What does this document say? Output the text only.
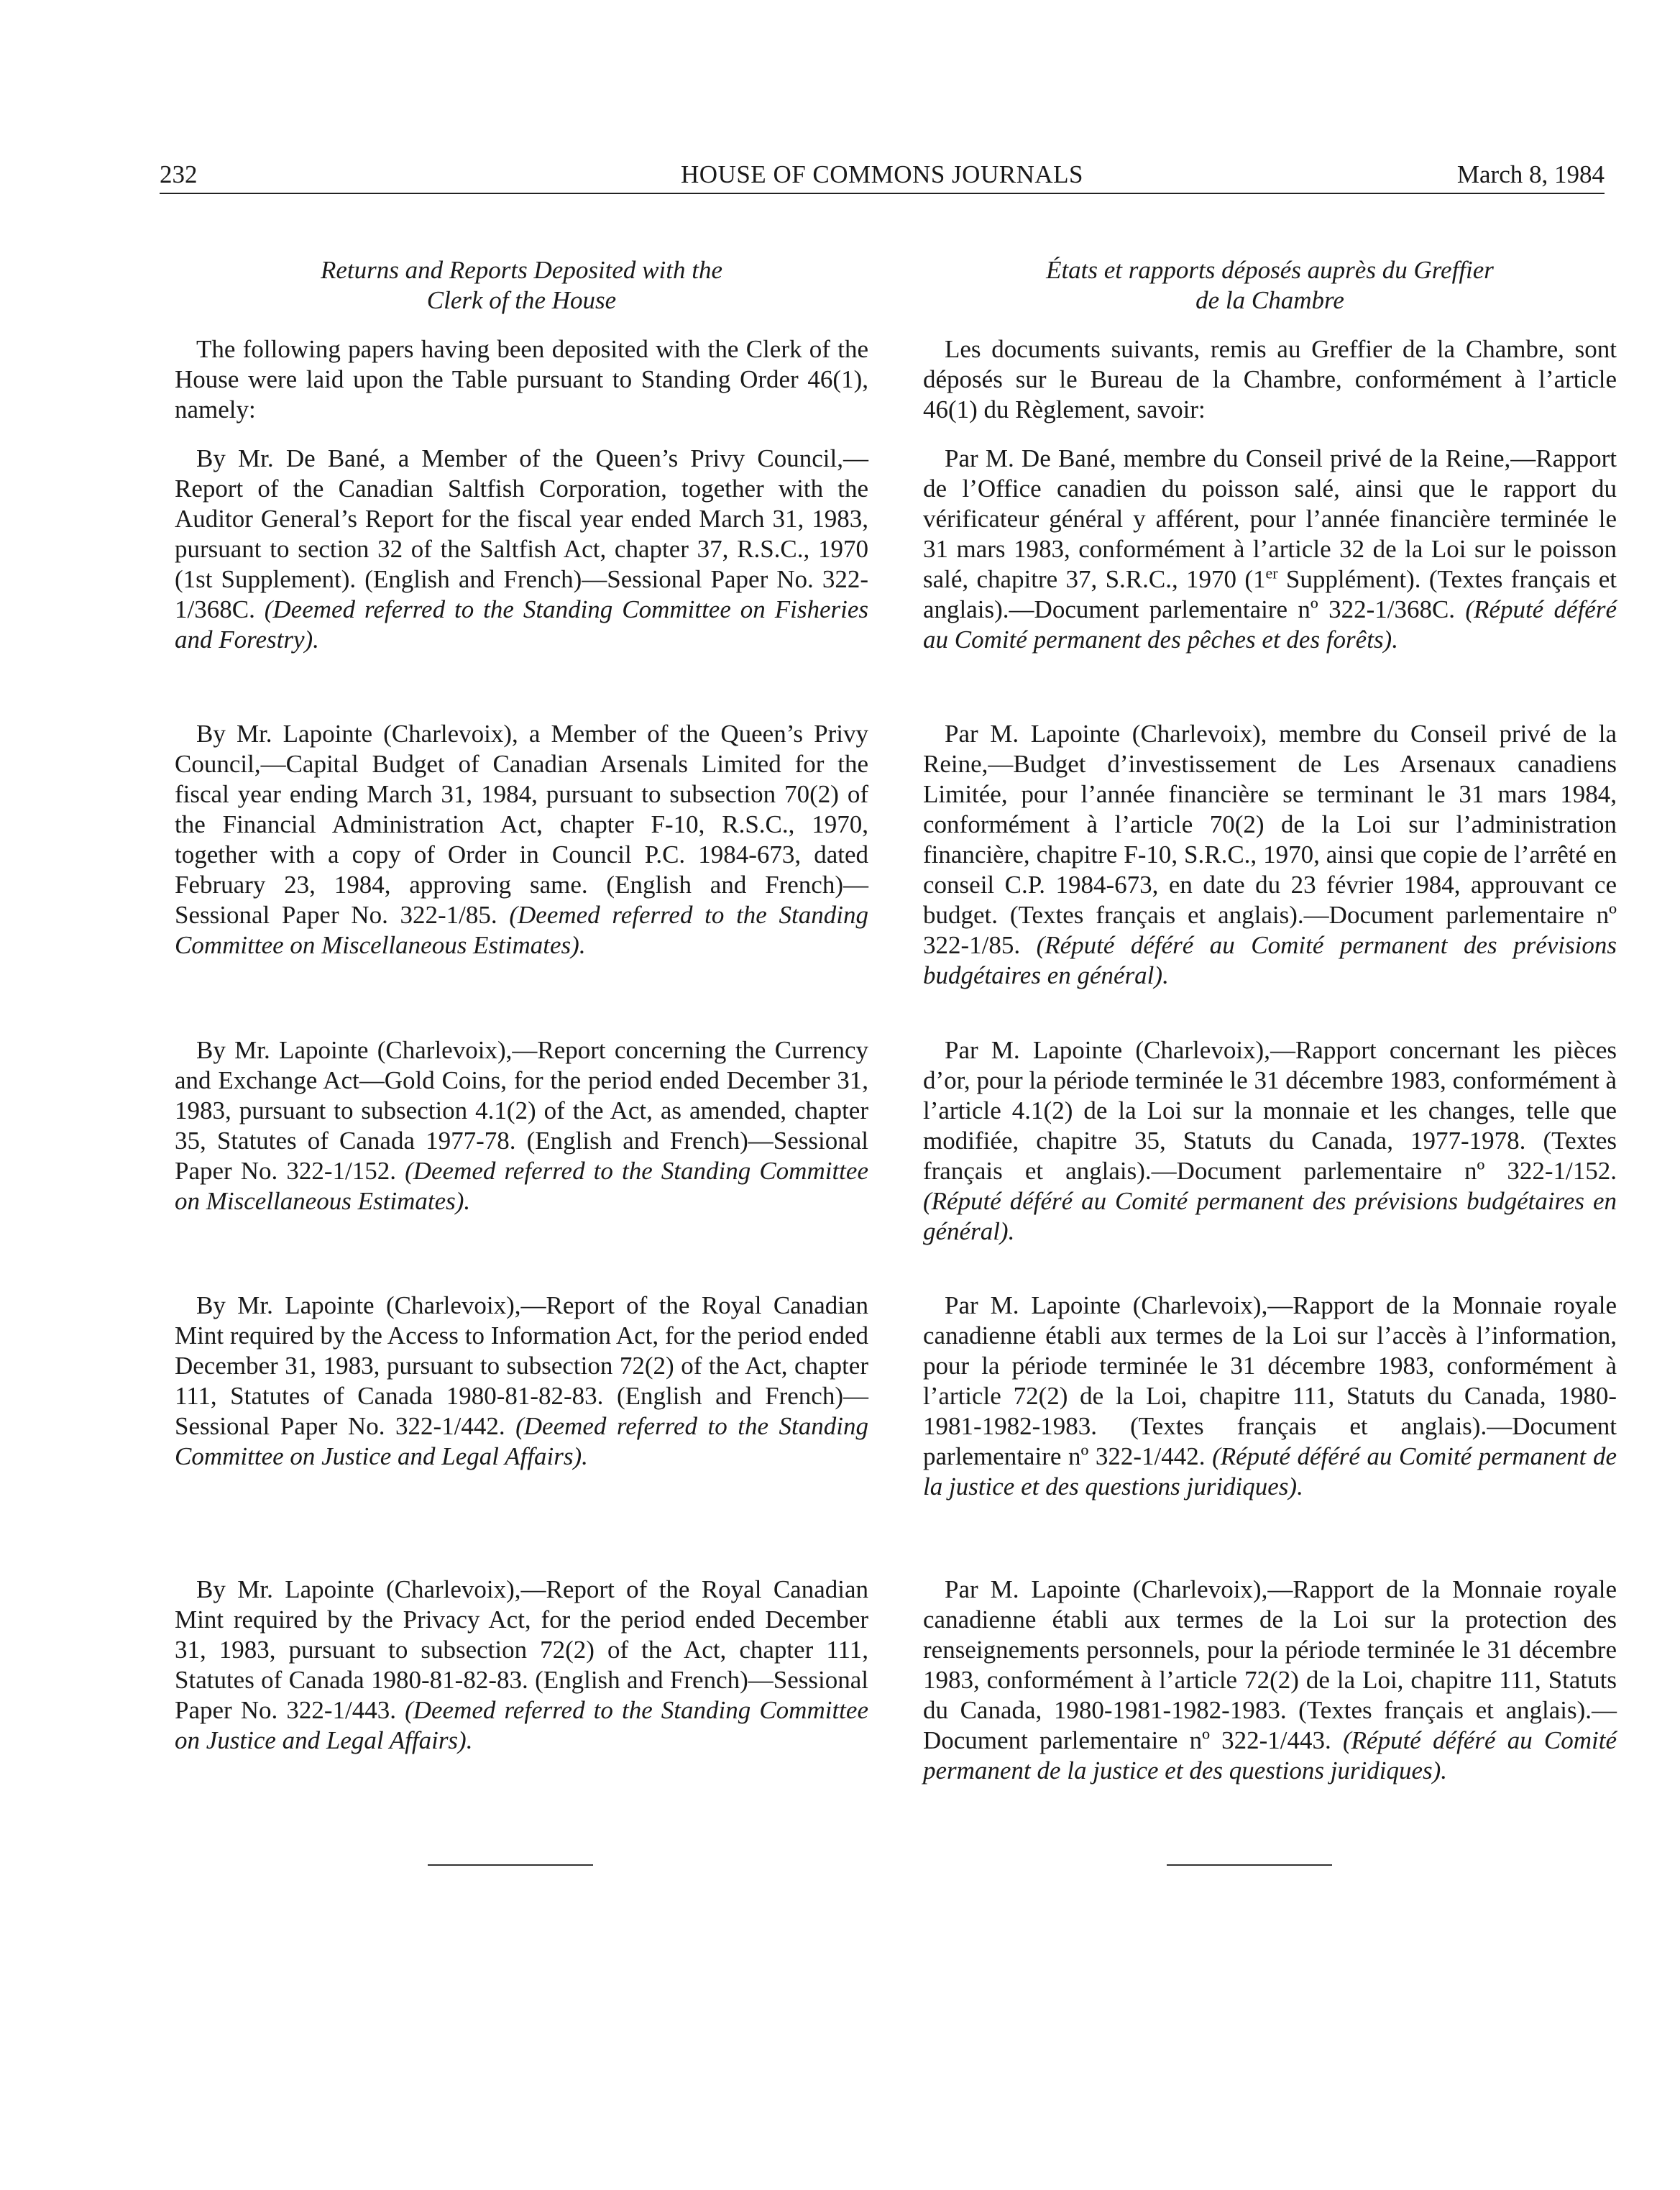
232	HOUSE OF COMMONS JOURNALS	March 8, 1984
Returns and Reports Deposited with the
Clerk of the House

The following papers having been deposited with the Clerk of the House were laid upon the Table pursuant to Standing Order 46(1), namely:

By Mr. De Bané, a Member of the Queen’s Privy Council,—Report of the Canadian Saltfish Corporation, together with the Auditor General’s Report for the fiscal year ended March 31, 1983, pursuant to section 32 of the Saltfish Act, chapter 37, R.S.C., 1970 (1st Supplement). (English and French)—Sessional Paper No. 322-1/368C. (Deemed referred to the Standing Committee on Fisheries and Forestry).

By Mr. Lapointe (Charlevoix), a Member of the Queen’s Privy Council,—Capital Budget of Canadian Arsenals Limited for the fiscal year ending March 31, 1984, pursuant to subsection 70(2) of the Financial Administration Act, chapter F-10, R.S.C., 1970, together with a copy of Order in Council P.C. 1984-673, dated February 23, 1984, approving same. (English and French)—Sessional Paper No. 322-1/85. (Deemed referred to the Standing Committee on Miscellaneous Estimates).

By Mr. Lapointe (Charlevoix),—Report concerning the Currency and Exchange Act—Gold Coins, for the period ended December 31, 1983, pursuant to subsection 4.1(2) of the Act, as amended, chapter 35, Statutes of Canada 1977-78. (English and French)—Sessional Paper No. 322-1/152. (Deemed referred to the Standing Committee on Miscellaneous Estimates).

By Mr. Lapointe (Charlevoix),—Report of the Royal Canadian Mint required by the Access to Information Act, for the period ended December 31, 1983, pursuant to subsection 72(2) of the Act, chapter 111, Statutes of Canada 1980-81-82-83. (English and French)—Sessional Paper No. 322-1/442. (Deemed referred to the Standing Committee on Justice and Legal Affairs).

By Mr. Lapointe (Charlevoix),—Report of the Royal Canadian Mint required by the Privacy Act, for the period ended December 31, 1983, pursuant to subsection 72(2) of the Act, chapter 111, Statutes of Canada 1980-81-82-83. (English and French)—Sessional Paper No. 322-1/443. (Deemed referred to the Standing Committee on Justice and Legal Affairs).

États et rapports déposés auprès du Greffier
de la Chambre

Les documents suivants, remis au Greffier de la Chambre, sont déposés sur le Bureau de la Chambre, conformément à l’article 46(1) du Règlement, savoir:

Par M. De Bané, membre du Conseil privé de la Reine,—Rapport de l’Office canadien du poisson salé, ainsi que le rapport du vérificateur général y afférent, pour l’année financière terminée le 31 mars 1983, conformément à l’article 32 de la Loi sur le poisson salé, chapitre 37, S.R.C., 1970 (1er Supplément). (Textes français et anglais).—Document parlementaire nº 322-1/368C. (Réputé déféré au Comité permanent des pêches et des forêts).

Par M. Lapointe (Charlevoix), membre du Conseil privé de la Reine,—Budget d’investissement de Les Arsenaux canadiens Limitée, pour l’année financière se terminant le 31 mars 1984, conformément à l’article 70(2) de la Loi sur l’administration financière, chapitre F-10, S.R.C., 1970, ainsi que copie de l’arrêté en conseil C.P. 1984-673, en date du 23 février 1984, approuvant ce budget. (Textes français et anglais).—Document parlementaire nº 322-1/85. (Réputé déféré au Comité permanent des prévisions budgétaires en général).

Par M. Lapointe (Charlevoix),—Rapport concernant les pièces d’or, pour la période terminée le 31 décembre 1983, conformément à l’article 4.1(2) de la Loi sur la monnaie et les changes, telle que modifiée, chapitre 35, Statuts du Canada, 1977-1978. (Textes français et anglais).—Document parlementaire nº 322-1/152. (Réputé déféré au Comité permanent des prévisions budgétaires en général).

Par M. Lapointe (Charlevoix),—Rapport de la Monnaie royale canadienne établi aux termes de la Loi sur l’accès à l’information, pour la période terminée le 31 décembre 1983, conformément à l’article 72(2) de la Loi, chapitre 111, Statuts du Canada, 1980-1981-1982-1983. (Textes français et anglais).—Document parlementaire nº 322-1/442. (Réputé déféré au Comité permanent de la justice et des questions juridiques).

Par M. Lapointe (Charlevoix),—Rapport de la Monnaie royale canadienne établi aux termes de la Loi sur la protection des renseignements personnels, pour la période terminée le 31 décembre 1983, conformément à l’article 72(2) de la Loi, chapitre 111, Statuts du Canada, 1980-1981-1982-1983. (Textes français et anglais).—Document parlementaire nº 322-1/443. (Réputé déféré au Comité permanent de la justice et des questions juridiques).
